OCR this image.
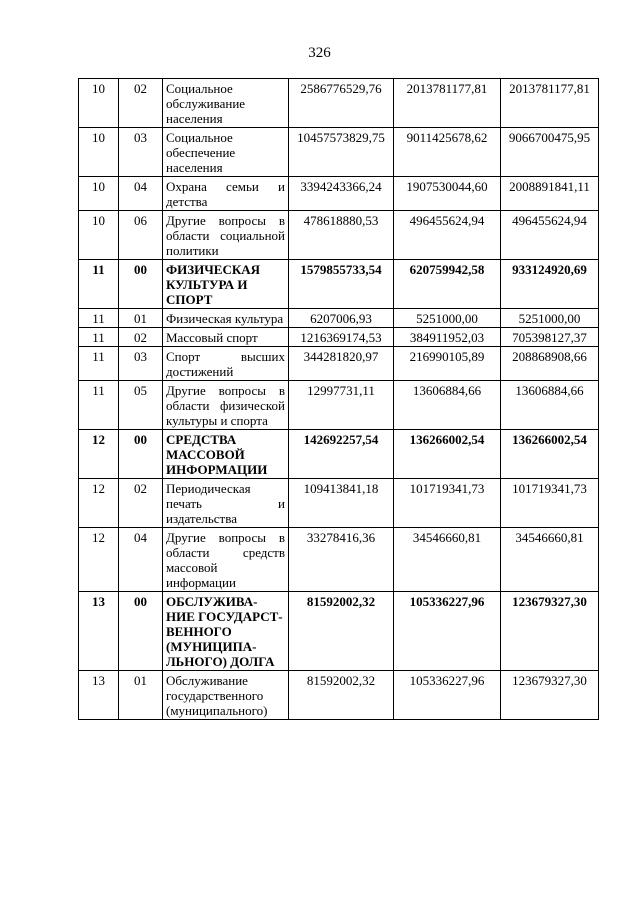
326
10	02	Социальное обслуживание населения	2586776529,76	2013781177,81	2013781177,81
10	03	Социальное обеспечение населения	10457573829,75	9011425678,62	9066700475,95
10	04	Охрана семьи и детства	3394243366,24	1907530044,60	2008891841,11
10	06	Другие вопросы в области социальной политики	478618880,53	496455624,94	496455624,94
11	00	ФИЗИЧЕСКАЯ КУЛЬТУРА И СПОРТ	1579855733,54	620759942,58	933124920,69
11	01	Физическая культура	6207006,93	5251000,00	5251000,00
11	02	Массовый спорт	1216369174,53	384911952,03	705398127,37
11	03	Спорт высших достижений	344281820,97	216990105,89	208868908,66
11	05	Другие вопросы в области физической культуры и спорта	12997731,11	13606884,66	13606884,66
12	00	СРЕДСТВА МАССОВОЙ ИНФОРМАЦИИ	142692257,54	136266002,54	136266002,54
12	02	Периодическая печать и издательства	109413841,18	101719341,73	101719341,73
12	04	Другие вопросы в области средств массовой информации	33278416,36	34546660,81	34546660,81
13	00	ОБСЛУЖИВА- НИЕ ГОСУДАРСТ- ВЕННОГО (МУНИЦИПА- ЛЬНОГО) ДОЛГА	81592002,32	105336227,96	123679327,30
13	01	Обслуживание государственного (муниципального)	81592002,32	105336227,96	123679327,30
